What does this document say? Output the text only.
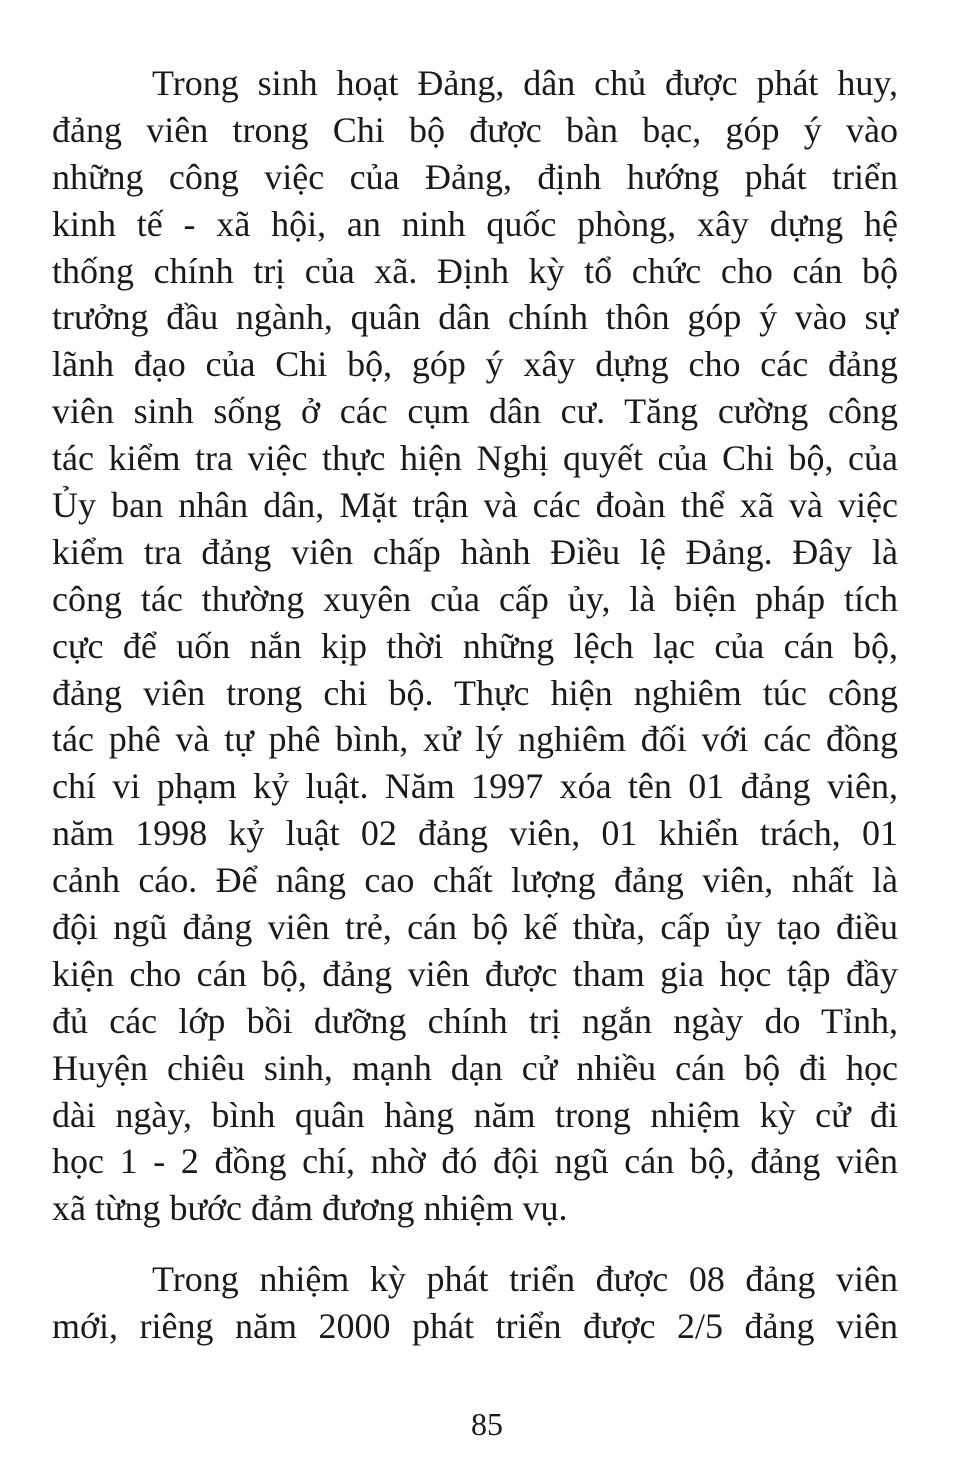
Trong sinh hoạt Đảng, dân chủ được phát huy,
đảng viên trong Chi bộ được bàn bạc, góp ý vào
những công việc của Đảng, định hướng phát triển
kinh tế - xã hội, an ninh quốc phòng, xây dựng hệ
thống chính trị của xã. Định kỳ tổ chức cho cán bộ
trưởng đầu ngành, quân dân chính thôn góp ý vào sự
lãnh đạo của Chi bộ, góp ý xây dựng cho các đảng
viên sinh sống ở các cụm dân cư. Tăng cường công
tác kiểm tra việc thực hiện Nghị quyết của Chi bộ, của
Ủy ban nhân dân, Mặt trận và các đoàn thể xã và việc
kiểm tra đảng viên chấp hành Điều lệ Đảng. Đây là
công tác thường xuyên của cấp ủy, là biện pháp tích
cực để uốn nắn kịp thời những lệch lạc của cán bộ,
đảng viên trong chi bộ. Thực hiện nghiêm túc công
tác phê và tự phê bình, xử lý nghiêm đối với các đồng
chí vi phạm kỷ luật. Năm 1997 xóa tên 01 đảng viên,
năm 1998 kỷ luật 02 đảng viên, 01 khiển trách, 01
cảnh cáo. Để nâng cao chất lượng đảng viên, nhất là
đội ngũ đảng viên trẻ, cán bộ kế thừa, cấp ủy tạo điều
kiện cho cán bộ, đảng viên được tham gia học tập đầy
đủ các lớp bồi dưỡng chính trị ngắn ngày do Tỉnh,
Huyện chiêu sinh, mạnh dạn cử nhiều cán bộ đi học
dài ngày, bình quân hàng năm trong nhiệm kỳ cử đi
học 1 - 2 đồng chí, nhờ đó đội ngũ cán bộ, đảng viên
xã từng bước đảm đương nhiệm vụ.
Trong nhiệm kỳ phát triển được 08 đảng viên
mới, riêng năm 2000 phát triển được 2/5 đảng viên
85
